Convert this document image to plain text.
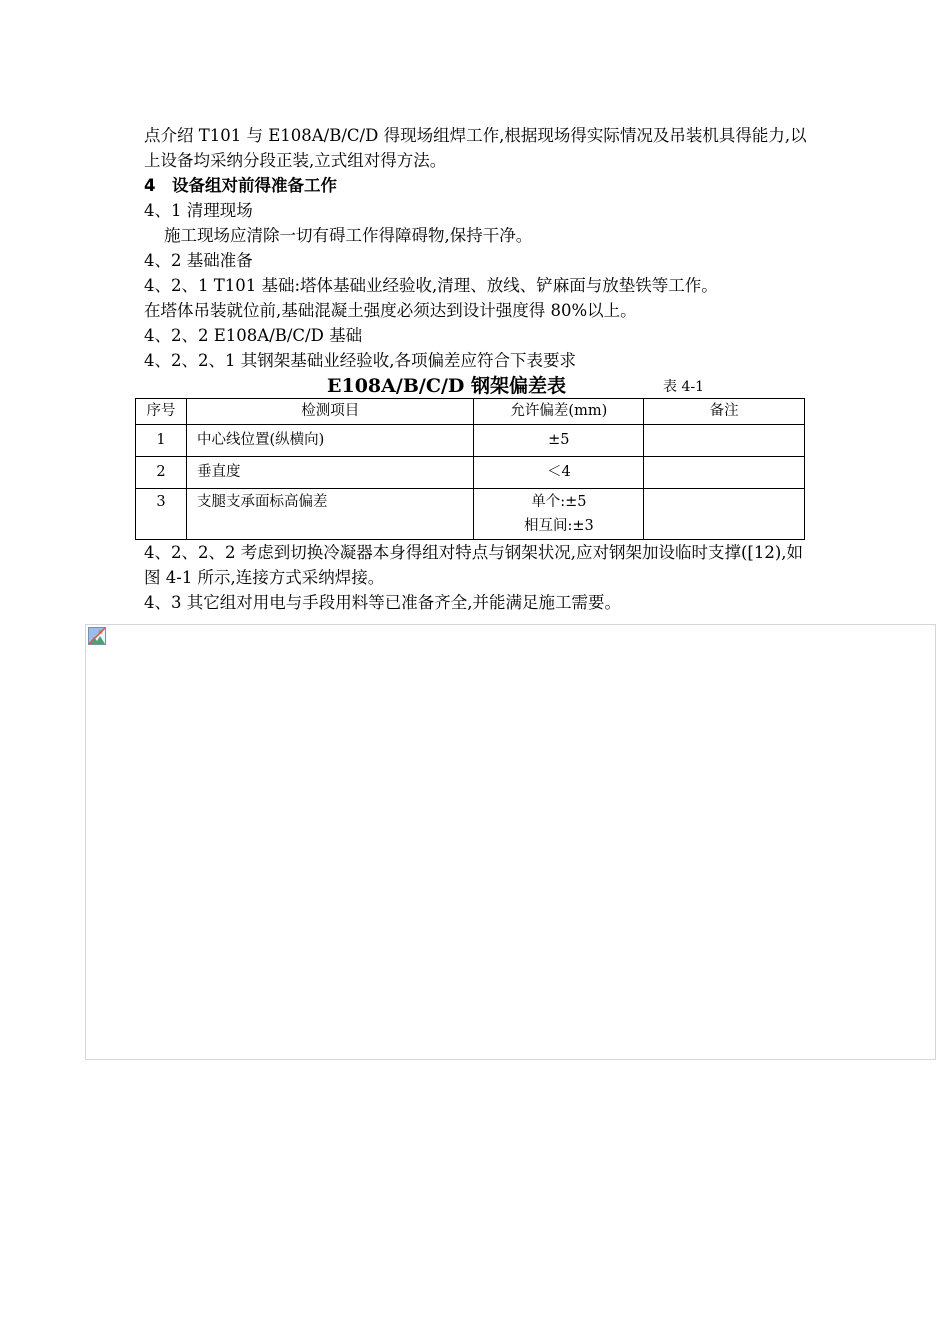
点介绍 T101 与 E108A/B/C/D 得现场组焊工作,根据现场得实际情况及吊装机具得能力,以上设备均采纳分段正装,立式组对得方法。
4　设备组对前得准备工作
4、1 清理现场
施工现场应清除一切有碍工作得障碍物,保持干净。
4、2 基础准备
4、2、1 T101 基础:塔体基础业经验收,清理、放线、铲麻面与放垫铁等工作。
在塔体吊装就位前,基础混凝土强度必须达到设计强度得 80%以上。
4、2、2 E108A/B/C/D 基础
4、2、2、1 其钢架基础业经验收,各项偏差应符合下表要求
E108A/B/C/D 钢架偏差表	表 4-1
序号	检测项目	允许偏差(mm)	备注
1	中心线位置(纵横向)	±5	
2	垂直度	＜4	
3	支腿支承面标高偏差	单个:±5
相互间:±3	

4、2、2、2 考虑到切换冷凝器本身得组对特点与钢架状况,应对钢架加设临时支撑([12),如图 4-1 所示,连接方式采纳焊接。
4、3 其它组对用电与手段用料等已准备齐全,并能满足施工需要。
